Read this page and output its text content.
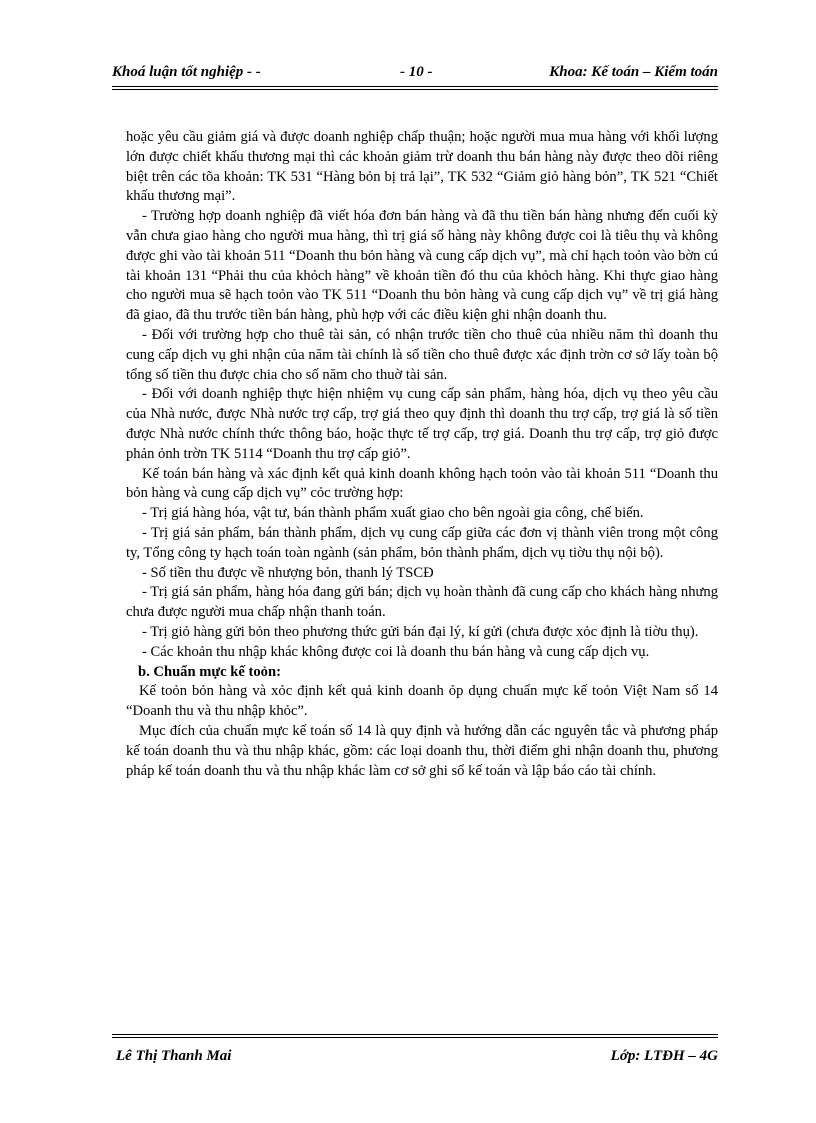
Khoá luận tốt nghiệp - -	- 10 -	Khoa: Kế toán – Kiểm toán

hoặc yêu cầu giảm giá và được doanh nghiệp chấp thuận; hoặc người mua mua hàng với khối lượng lớn được chiết khấu thương mại thì các khoản giảm trừ doanh thu bán hàng này được theo dõi riêng biệt trên các tõa khoản: TK 531 “Hàng bỏn bị trả lại”, TK 532 “Giảm giỏ hàng bỏn”, TK 521 “Chiết khấu thương mại”.

- Trường hợp doanh nghiệp đã viết hóa đơn bán hàng và đã thu tiền bán hàng nhưng đến cuối kỳ vẫn chưa giao hàng cho người mua hàng, thì trị giá số hàng này không được coi là tiêu thụ và không được ghi vào tài khoản 511 “Doanh thu bỏn hàng và cung cấp dịch vụ”, mà chỉ hạch toỏn vào bờn cú tài khoản 131 “Phải thu của khỏch hàng” về khoản tiền đó thu của khỏch hàng. Khi thực giao hàng cho người mua sẽ hạch toỏn vào TK 511 “Doanh thu bỏn hàng và cung cấp dịch vụ” về trị giá hàng đã giao, đã thu trước tiền bán hàng, phù hợp với các điều kiện ghi nhận doanh thu.

- Đối với trường hợp cho thuê tài sản, có nhận trước tiền cho thuê của nhiều năm thì doanh thu cung cấp dịch vụ ghi nhận của năm tài chính là số tiền cho thuê được xác định trờn cơ sở lấy toàn bộ tổng số tiền thu được chia cho số năm cho thuờ tài sản.

- Đối với doanh nghiệp thực hiện nhiệm vụ cung cấp sản phẩm, hàng hóa, dịch vụ theo yêu cầu của Nhà nước, được Nhà nước trợ cấp, trợ giá theo quy định thì doanh thu trợ cấp, trợ giá là số tiền được Nhà nước chính thức thông báo, hoặc thực tế trợ cấp, trợ giá. Doanh thu trợ cấp, trợ giỏ được phản ỏnh trờn TK 5114 “Doanh thu trợ cấp giỏ”.

Kế toán bán hàng và xác định kết quả kinh doanh không hạch toỏn vào tài khoản 511 “Doanh thu bỏn hàng và cung cấp dịch vụ” cỏc trường hợp:

- Trị giá hàng hóa, vật tư, bán thành phẩm xuất giao cho bên ngoài gia công, chế biến.

- Trị giá sản phẩm, bán thành phẩm, dịch vụ cung cấp giữa các đơn vị thành viên trong một công ty, Tổng công ty hạch toán toàn ngành (sản phẩm, bỏn thành phẩm, dịch vụ tiờu thụ nội bộ).

- Số tiền thu được về nhượng bỏn, thanh lý TSCĐ

- Trị giá sản phẩm, hàng hóa đang gửi bán; dịch vụ hoàn thành đã cung cấp cho khách hàng nhưng chưa được người mua chấp nhận thanh toán.

- Trị giỏ hàng gửi bỏn theo phương thức gửi bán đại lý, kí gửi (chưa được xỏc định là tiờu thụ).

- Các khoản thu nhập khác không được coi là doanh thu bán hàng và cung cấp dịch vụ.

b. Chuẩn mực kế toỏn:

Kế toỏn bỏn hàng và xỏc định kết quả kinh doanh ỏp dụng chuẩn mực kế toỏn Việt Nam số 14 “Doanh thu và thu nhập khỏc”.

Mục đích của chuẩn mực kế toán số 14 là quy định và hướng dẫn các nguyên tắc và phương pháp kế toán doanh thu và thu nhập khác, gồm: các loại doanh thu, thời điểm ghi nhận doanh thu, phương pháp kế toán doanh thu và thu nhập khác làm cơ sở ghi sổ kế toán và lập báo cáo tài chính.

Lê Thị Thanh Mai	Lớp: LTĐH – 4G
